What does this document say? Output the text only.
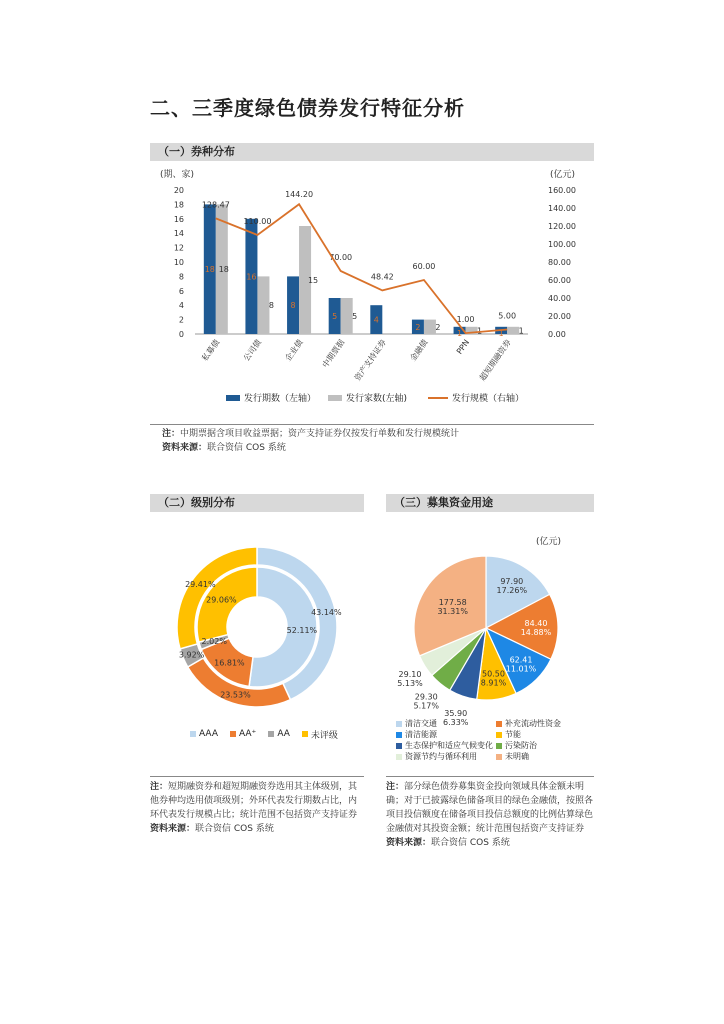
二、三季度绿色债券发行特征分析
（一）券种分布
(期、家)	(亿元)
0
2
4
6
8
10
12
14
16
18
20
0.00
20.00
40.00
60.00
80.00
100.00
120.00
140.00
160.00
18 18
16
8 8
15
5 5 4
2 2
1 1 1 1
128.47
110.00
144.20
70.00
48.42
60.00
1.00	5.00
私募债	公司债	企业债 中期票据 资产支持证券	金融债	PPN 超短期融资券
发行期数（左轴）	发行家数(左轴)	发行规模（右轴）
注：中期票据含项目收益票据；资产支持证券仅按发行单数和发行规模统计
资料来源：联合资信 COS 系统
（二）级别分布
43.14%
23.53%
3.92%
29.41%
52.11%
16.81%
2.02%
29.06%
AAA AA⁺ AA 未评级
注：短期融资券和超短期融资券选用其主体级别，其他券种均选用债项级别；外环代表发行期数占比，内环代表发行规模占比；统计范围不包括资产支持证券
资料来源：联合资信 COS 系统
（三）募集资金用途
(亿元)
97.90
17.26%
84.40
14.88%
62.41
11.01%
50.50
8.91%
35.90
6.33%
29.30
5.17%
29.10
5.13%
177.58
31.31%
清洁交通	补充流动性资金
清洁能源	节能
生态保护和适应气候变化 污染防治
资源节约与循环利用	未明确
注：部分绿色债券募集资金投向领域具体金额未明确；对于已披露绿色储备项目的绿色金融债，按照各项目投信额度在储备项目投信总额度的比例估算绿色金融债对其投资金额；统计范围包括资产支持证券
资料来源：联合资信 COS 系统
